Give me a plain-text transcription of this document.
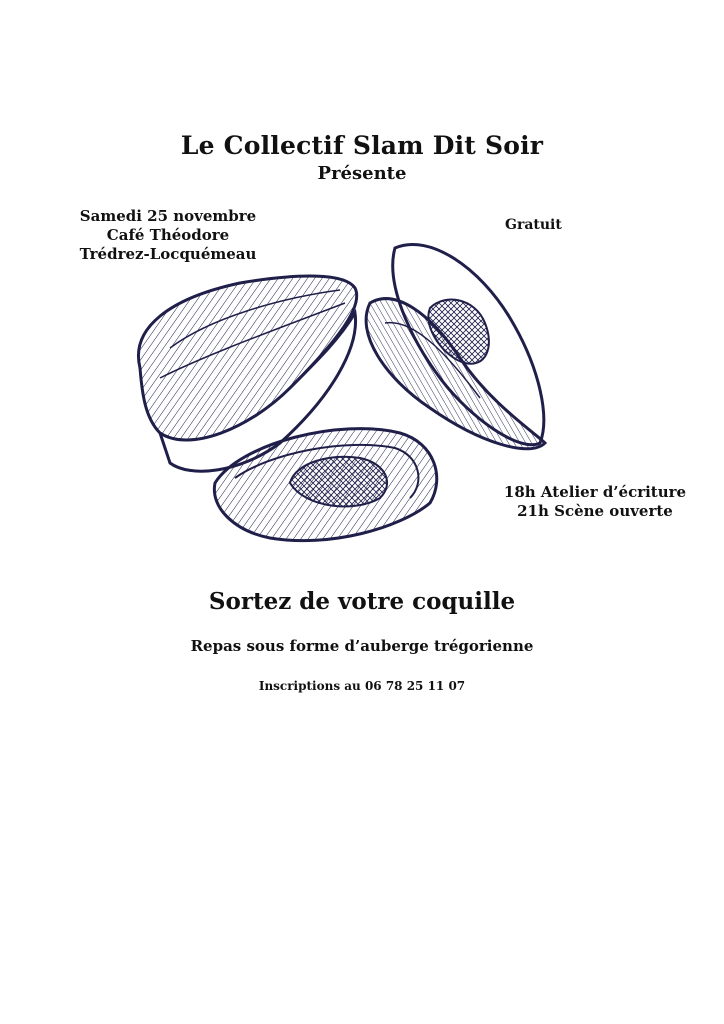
Le Collectif Slam Dit Soir
Présente
Samedi 25 novembre
Café Théodore
Trédrez-Locquémeau
Gratuit
18h Atelier d’écriture
21h Scène ouverte
Sortez de votre coquille
Repas sous forme d’auberge trégorienne
Inscriptions au 06 78 25 11 07
